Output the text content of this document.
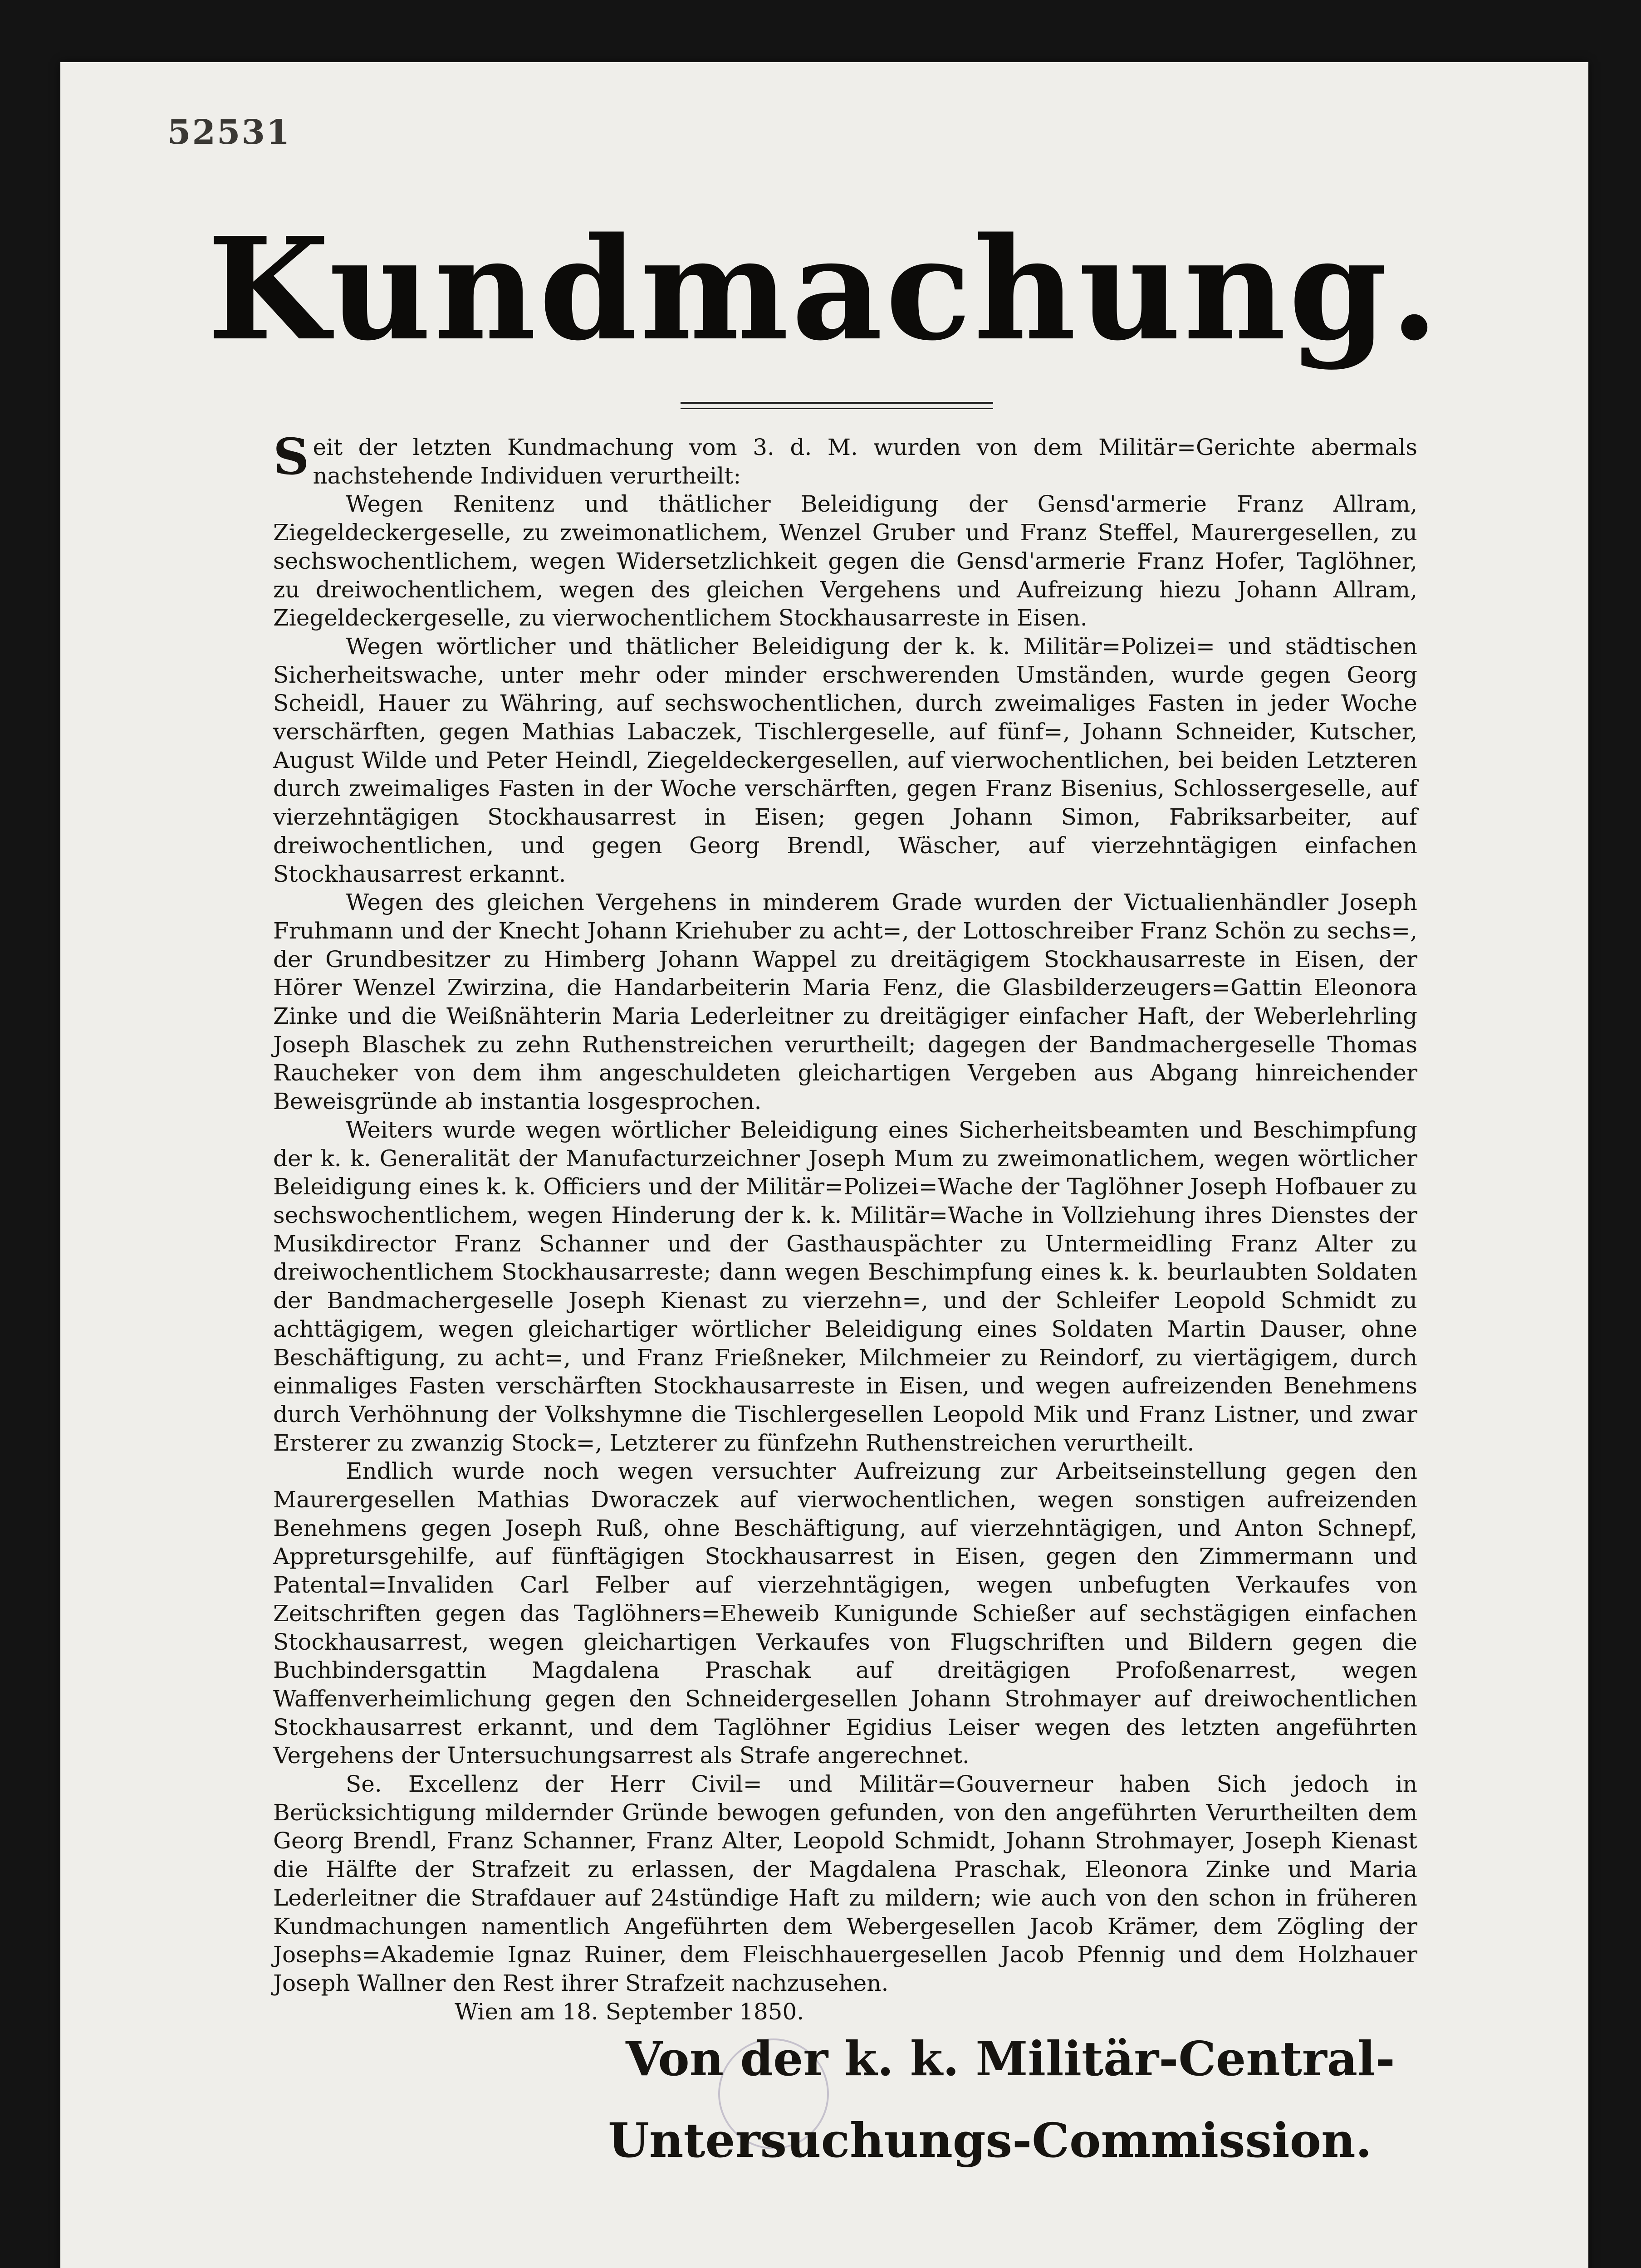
52531
Kundmachung.

Seit der letzten Kundmachung vom 3. d. M. wurden von dem Militär=Gerichte abermals nachstehende Individuen verurtheilt:

Wegen Renitenz und thätlicher Beleidigung der Gensd'armerie Franz Allram, Ziegeldeckergeselle, zu zweimonatlichem, Wenzel Gruber und Franz Steffel, Maurergesellen, zu sechswochentlichem, wegen Widersetzlichkeit gegen die Gensd'armerie Franz Hofer, Taglöhner, zu dreiwochentlichem, wegen des gleichen Vergehens und Aufreizung hiezu Johann Allram, Ziegeldeckergeselle, zu vierwochentlichem Stockhausarreste in Eisen.

Wegen wörtlicher und thätlicher Beleidigung der k. k. Militär=Polizei= und städtischen Sicherheitswache, unter mehr oder minder erschwerenden Umständen, wurde gegen Georg Scheidl, Hauer zu Währing, auf sechswochentlichen, durch zweimaliges Fasten in jeder Woche verschärften, gegen Mathias Labaczek, Tischlergeselle, auf fünf=, Johann Schneider, Kutscher, August Wilde und Peter Heindl, Ziegeldeckergesellen, auf vierwochentlichen, bei beiden Letzteren durch zweimaliges Fasten in der Woche verschärften, gegen Franz Bisenius, Schlossergeselle, auf vierzehntägigen Stockhausarrest in Eisen; gegen Johann Simon, Fabriksarbeiter, auf dreiwochentlichen, und gegen Georg Brendl, Wäscher, auf vierzehntägigen einfachen Stockhausarrest erkannt.

Wegen des gleichen Vergehens in minderem Grade wurden der Victualienhändler Joseph Fruhmann und der Knecht Johann Kriehuber zu acht=, der Lottoschreiber Franz Schön zu sechs=, der Grundbesitzer zu Himberg Johann Wappel zu dreitägigem Stockhausarreste in Eisen, der Hörer Wenzel Zwirzina, die Handarbeiterin Maria Fenz, die Glasbilderzeugers=Gattin Eleonora Zinke und die Weißnähterin Maria Lederleitner zu dreitägiger einfacher Haft, der Weberlehrling Joseph Blaschek zu zehn Ruthenstreichen verurtheilt; dagegen der Bandmachergeselle Thomas Raucheker von dem ihm angeschuldeten gleichartigen Vergeben aus Abgang hinreichender Beweisgründe ab instantia losgesprochen.

Weiters wurde wegen wörtlicher Beleidigung eines Sicherheitsbeamten und Beschimpfung der k. k. Generalität der Manufacturzeichner Joseph Mum zu zweimonatlichem, wegen wörtlicher Beleidigung eines k. k. Officiers und der Militär=Polizei=Wache der Taglöhner Joseph Hofbauer zu sechswochentlichem, wegen Hinderung der k. k. Militär=Wache in Vollziehung ihres Dienstes der Musikdirector Franz Schanner und der Gasthauspächter zu Untermeidling Franz Alter zu dreiwochentlichem Stockhausarreste; dann wegen Beschimpfung eines k. k. beurlaubten Soldaten der Bandmachergeselle Joseph Kienast zu vierzehn=, und der Schleifer Leopold Schmidt zu achttägigem, wegen gleichartiger wörtlicher Beleidigung eines Soldaten Martin Dauser, ohne Beschäftigung, zu acht=, und Franz Frießneker, Milchmeier zu Reindorf, zu viertägigem, durch einmaliges Fasten verschärften Stockhausarreste in Eisen, und wegen aufreizenden Benehmens durch Verhöhnung der Volkshymne die Tischlergesellen Leopold Mik und Franz Listner, und zwar Ersterer zu zwanzig Stock=, Letzterer zu fünfzehn Ruthenstreichen verurtheilt.

Endlich wurde noch wegen versuchter Aufreizung zur Arbeitseinstellung gegen den Maurergesellen Mathias Dworaczek auf vierwochentlichen, wegen sonstigen aufreizenden Benehmens gegen Joseph Ruß, ohne Beschäftigung, auf vierzehntägigen, und Anton Schnepf, Appretursgehilfe, auf fünftägigen Stockhausarrest in Eisen, gegen den Zimmermann und Patental=Invaliden Carl Felber auf vierzehntägigen, wegen unbefugten Verkaufes von Zeitschriften gegen das Taglöhners=Eheweib Kunigunde Schießer auf sechstägigen einfachen Stockhausarrest, wegen gleichartigen Verkaufes von Flugschriften und Bildern gegen die Buchbindersgattin Magdalena Praschak auf dreitägigen Profoßenarrest, wegen Waffenverheimlichung gegen den Schneidergesellen Johann Strohmayer auf dreiwochentlichen Stockhausarrest erkannt, und dem Taglöhner Egidius Leiser wegen des letzten angeführten Vergehens der Untersuchungsarrest als Strafe angerechnet.

Se. Excellenz der Herr Civil= und Militär=Gouverneur haben Sich jedoch in Berücksichtigung mildernder Gründe bewogen gefunden, von den angeführten Verurtheilten dem Georg Brendl, Franz Schanner, Franz Alter, Leopold Schmidt, Johann Strohmayer, Joseph Kienast die Hälfte der Strafzeit zu erlassen, der Magdalena Praschak, Eleonora Zinke und Maria Lederleitner die Strafdauer auf 24stündige Haft zu mildern; wie auch von den schon in früheren Kundmachungen namentlich Angeführten dem Webergesellen Jacob Krämer, dem Zögling der Josephs=Akademie Ignaz Ruiner, dem Fleischhauergesellen Jacob Pfennig und dem Holzhauer Joseph Wallner den Rest ihrer Strafzeit nachzusehen.

Wien am 18. September 1850.

Von der k. k. Militär-Central-
Untersuchungs-Commission.
